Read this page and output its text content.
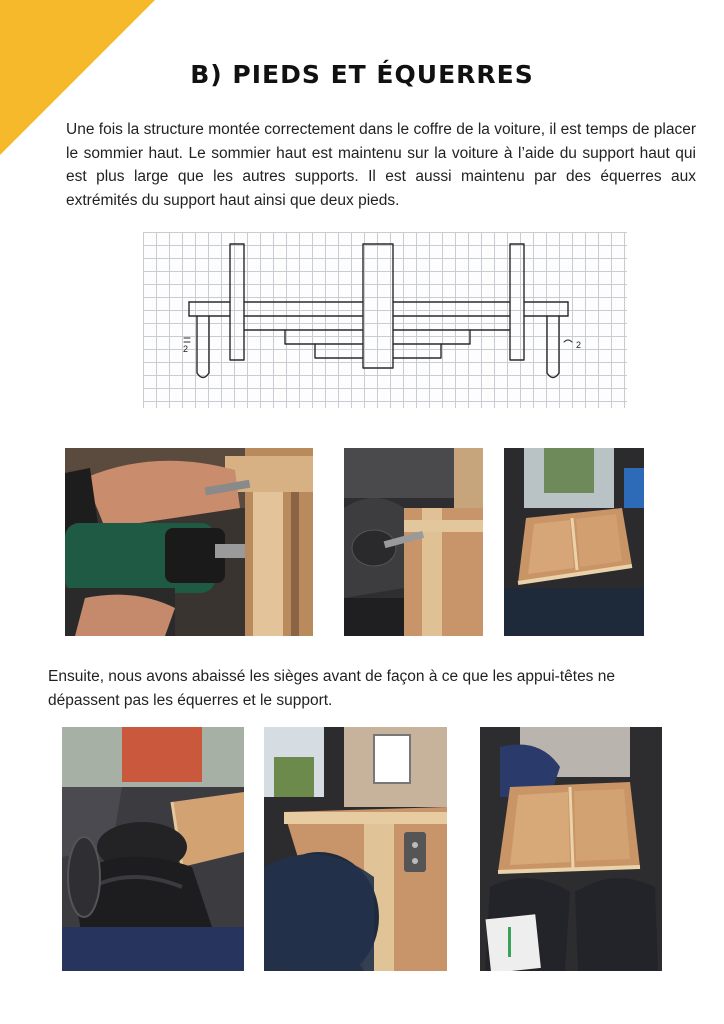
B) PIEDS ET ÉQUERRES
Une fois la structure montée correctement dans le coffre de la voiture, il est temps de placer le sommier haut. Le sommier haut est maintenu sur la voiture à l’aide du support haut qui est plus large que les autres supports. Il est aussi maintenu par des équerres aux extrémités du support haut ainsi que deux pieds.
2	2
Ensuite, nous avons abaissé les sièges avant de façon à ce que les appui-têtes ne dépassent pas les équerres et le support.
